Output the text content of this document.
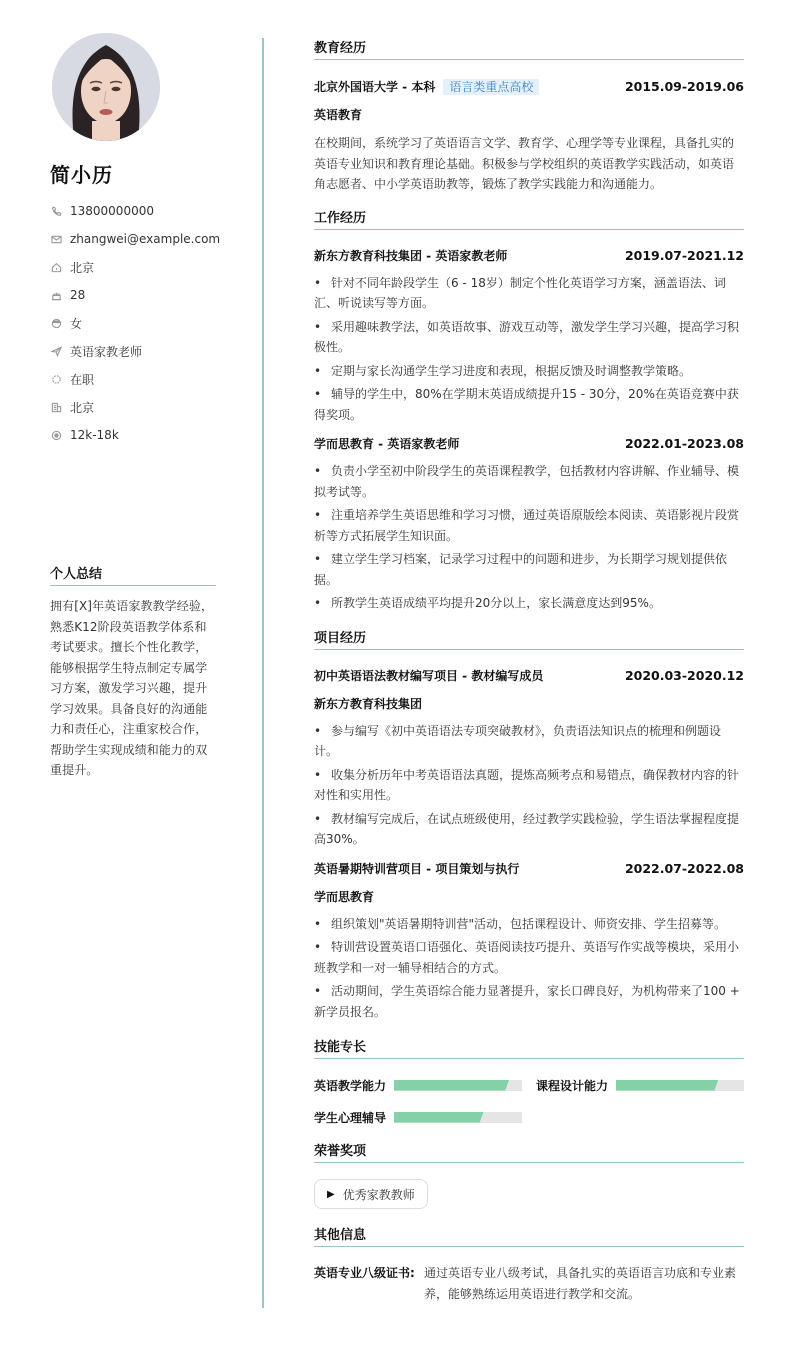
简小历
13800000000
zhangwei@example.com
北京
28
女
英语家教老师
在职
北京
12k-18k
个人总结
拥有[X]年英语家教教学经验，熟悉K12阶段英语教学体系和考试要求。擅长个性化教学，能够根据学生特点制定专属学习方案，激发学习兴趣，提升学习效果。具备良好的沟通能力和责任心，注重家校合作，帮助学生实现成绩和能力的双重提升。
教育经历
北京外国语大学 - 本科 语言类重点高校	2015.09-2019.06
英语教育
在校期间，系统学习了英语语言文学、教育学、心理学等专业课程，具备扎实的英语专业知识和教育理论基础。积极参与学校组织的英语教学实践活动，如英语角志愿者、中小学英语助教等，锻炼了教学实践能力和沟通能力。
工作经历
新东方教育科技集团 - 英语家教老师	2019.07-2021.12
• 针对不同年龄段学生（6 - 18岁）制定个性化英语学习方案，涵盖语法、词汇、听说读写等方面。
• 采用趣味教学法，如英语故事、游戏互动等，激发学生学习兴趣，提高学习积极性。
• 定期与家长沟通学生学习进度和表现，根据反馈及时调整教学策略。
• 辅导的学生中，80%在学期末英语成绩提升15 - 30分，20%在英语竞赛中获得奖项。
学而思教育 - 英语家教老师	2022.01-2023.08
• 负责小学至初中阶段学生的英语课程教学，包括教材内容讲解、作业辅导、模拟考试等。
• 注重培养学生英语思维和学习习惯，通过英语原版绘本阅读、英语影视片段赏析等方式拓展学生知识面。
• 建立学生学习档案，记录学习过程中的问题和进步，为长期学习规划提供依据。
• 所教学生英语成绩平均提升20分以上，家长满意度达到95%。
项目经历
初中英语语法教材编写项目 - 教材编写成员	2020.03-2020.12
新东方教育科技集团
• 参与编写《初中英语语法专项突破教材》，负责语法知识点的梳理和例题设计。
• 收集分析历年中考英语语法真题，提炼高频考点和易错点，确保教材内容的针对性和实用性。
• 教材编写完成后，在试点班级使用，经过教学实践检验，学生语法掌握程度提高30%。
英语暑期特训营项目 - 项目策划与执行	2022.07-2022.08
学而思教育
• 组织策划"英语暑期特训营"活动，包括课程设计、师资安排、学生招募等。
• 特训营设置英语口语强化、英语阅读技巧提升、英语写作实战等模块，采用小班教学和一对一辅导相结合的方式。
• 活动期间，学生英语综合能力显著提升，家长口碑良好，为机构带来了100 + 新学员报名。
技能专长
英语教学能力	课程设计能力
学生心理辅导
荣誉奖项
▶ 优秀家教教师
其他信息
英语专业八级证书: 通过英语专业八级考试，具备扎实的英语语言功底和专业素养，能够熟练运用英语进行教学和交流。
